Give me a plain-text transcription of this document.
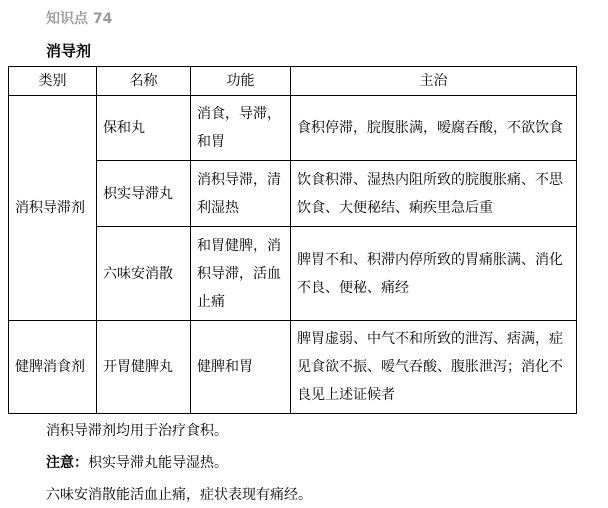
知识点 74
消导剂
类别	名称	功能	主治
消积导滞剂	保和丸	消食，导滞，和胃	食积停滞，脘腹胀满，嗳腐吞酸，不欲饮食
	枳实导滞丸	消积导滞，清利湿热	饮食积滞、湿热内阻所致的脘腹胀痛、不思饮食、大便秘结、痢疾里急后重
	六味安消散	和胃健脾，消积导滞，活血止痛	脾胃不和、积滞内停所致的胃痛胀满、消化不良、便秘、痛经
健脾消食剂	开胃健脾丸	健脾和胃	脾胃虚弱、中气不和所致的泄泻、痞满，症见食欲不振、嗳气吞酸、腹胀泄泻；消化不良见上述证候者
消积导滞剂均用于治疗食积。
注意：枳实导滞丸能导湿热。
六味安消散能活血止痛，症状表现有痛经。
